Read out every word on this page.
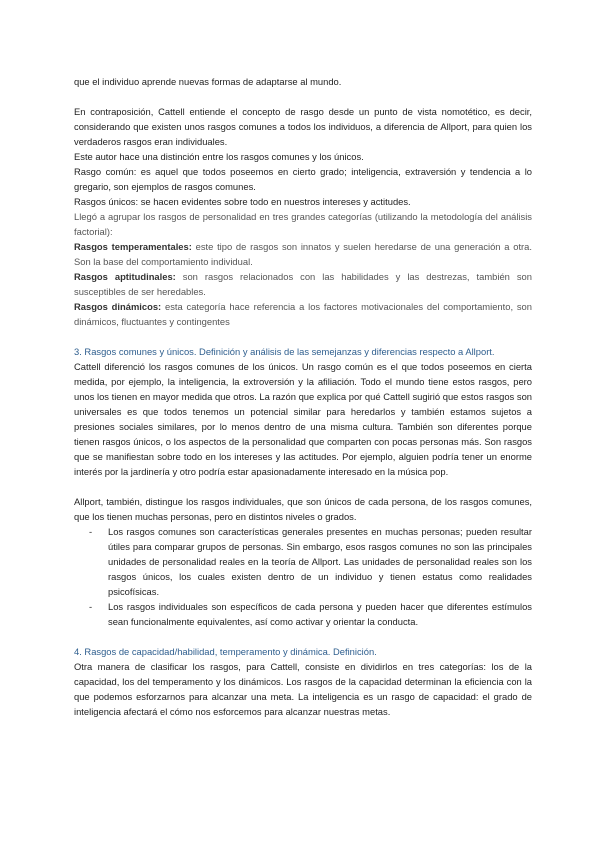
que el individuo aprende nuevas formas de adaptarse al mundo.

En contraposición, Cattell entiende el concepto de rasgo desde un punto de vista nomotético, es decir, considerando que existen unos rasgos comunes a todos los individuos, a diferencia de Allport, para quien los verdaderos rasgos eran individuales.

Este autor hace una distinción entre los rasgos comunes y los únicos.

Rasgo común: es aquel que todos poseemos en cierto grado; inteligencia, extraversión y tendencia a lo gregario, son ejemplos de rasgos comunes.

Rasgos únicos: se hacen evidentes sobre todo en nuestros intereses y actitudes.

Llegó a agrupar los rasgos de personalidad en tres grandes categorías (utilizando la metodología del análisis factorial):

Rasgos temperamentales: este tipo de rasgos son innatos y suelen heredarse de una generación a otra. Son la base del comportamiento individual.

Rasgos aptitudinales: son rasgos relacionados con las habilidades y las destrezas, también son susceptibles de ser heredables.

Rasgos dinámicos: esta categoría hace referencia a los factores motivacionales del comportamiento, son dinámicos, fluctuantes y contingentes

3. Rasgos comunes y únicos. Definición y análisis de las semejanzas y diferencias respecto a Allport.

Cattell diferenció los rasgos comunes de los únicos. Un rasgo común es el que todos poseemos en cierta medida, por ejemplo, la inteligencia, la extroversión y la afiliación. Todo el mundo tiene estos rasgos, pero unos los tienen en mayor medida que otros. La razón que explica por qué Cattell sugirió que estos rasgos son universales es que todos tenemos un potencial similar para heredarlos y también estamos sujetos a presiones sociales similares, por lo menos dentro de una misma cultura. También son diferentes porque tienen rasgos únicos, o los aspectos de la personalidad que comparten con pocas personas más. Son rasgos que se manifiestan sobre todo en los intereses y las actitudes. Por ejemplo, alguien podría tener un enorme interés por la jardinería y otro podría estar apasionadamente interesado en la música pop.

Allport, también, distingue los rasgos individuales, que son únicos de cada persona, de los rasgos comunes, que los tienen muchas personas, pero en distintos niveles o grados.

- Los rasgos comunes son características generales presentes en muchas personas; pueden resultar útiles para comparar grupos de personas. Sin embargo, esos rasgos comunes no son las principales unidades de personalidad reales en la teoría de Allport. Las unidades de personalidad reales son los rasgos únicos, los cuales existen dentro de un individuo y tienen estatus como realidades psicofísicas.
- Los rasgos individuales son específicos de cada persona y pueden hacer que diferentes estímulos sean funcionalmente equivalentes, así como activar y orientar la conducta.

4. Rasgos de capacidad/habilidad, temperamento y dinámica. Definición.

Otra manera de clasificar los rasgos, para Cattell, consiste en dividirlos en tres categorías: los de la capacidad, los del temperamento y los dinámicos. Los rasgos de la capacidad determinan la eficiencia con la que podemos esforzarnos para alcanzar una meta. La inteligencia es un rasgo de capacidad: el grado de inteligencia afectará el cómo nos esforcemos para alcanzar nuestras metas.
